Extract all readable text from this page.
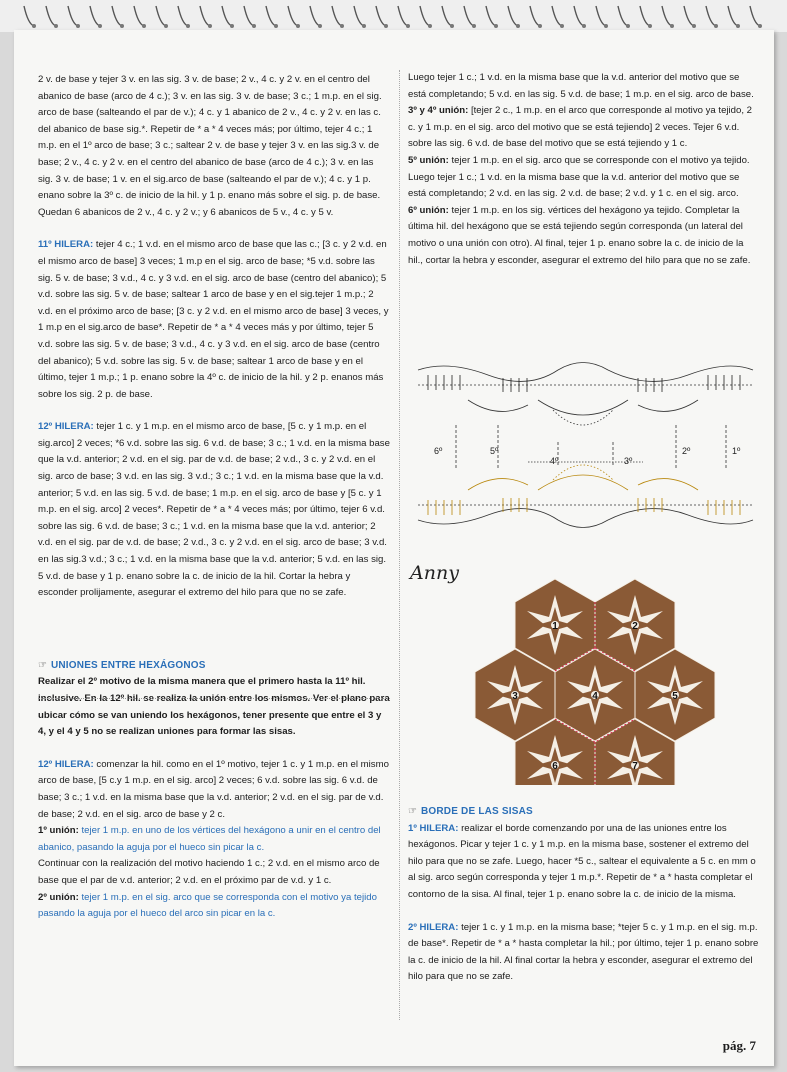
2 v. de base y tejer 3 v. en las sig. 3 v. de base; 2 v., 4 c. y 2 v. en el centro del abanico de base (arco de 4 c.); 3 v. en las sig. 3 v. de base; 3 c.; 1 m.p. en el sig. arco de base (salteando el par de v.); 4 c. y 1 abanico de 2 v., 4 c. y 2 v. en las c. del abanico de base sig.*. Repetir de * a * 4 veces más; por último, tejer 4 c.; 1 m.p. en el 1º arco de base; 3 c.; saltear 2 v. de base y tejer 3 v. en las sig.3 v. de base; 2 v., 4 c. y 2 v. en el centro del abanico de base (arco de 4 c.); 3 v. en las sig. 3 v. de base; 1 v. en el sig.arco de base (salteando el par de v.); 4 c. y 1 p. enano sobre la 3º c. de inicio de la hil. y 1 p. enano más sobre el sig. p. de base. Quedan 6 abanicos de 2 v., 4 c. y 2 v.; y 6 abanicos de 5 v., 4 c. y 5 v.

11º HILERA: tejer 4 c.; 1 v.d. en el mismo arco de base que las c.; [3 c. y 2 v.d. en el mismo arco de base] 3 veces; 1 m.p en el sig. arco de base; *5 v.d. sobre las sig. 5 v. de base; 3 v.d., 4 c. y 3 v.d. en el sig. arco de base (centro del abanico); 5 v.d. sobre las sig. 5 v. de base; saltear 1 arco de base y en el sig.tejer 1 m.p.; 2 v.d. en el próximo arco de base; [3 c. y 2 v.d. en el mismo arco de base] 3 veces, y 1 m.p en el sig.arco de base*. Repetir de * a * 4 veces más y por último, tejer 5 v.d. sobre las sig. 5 v. de base; 3 v.d., 4 c. y 3 v.d. en el sig. arco de base (centro del abanico); 5 v.d. sobre las sig. 5 v. de base; saltear 1 arco de base y en el último, tejer 1 m.p.; 1 p. enano sobre la 4º c. de inicio de la hil. y 2 p. enanos más sobre los sig. 2 p. de base.

12º HILERA: tejer 1 c. y 1 m.p. en el mismo arco de base, [5 c. y 1 m.p. en el sig.arco] 2 veces; *6 v.d. sobre las sig. 6 v.d. de base; 3 c.; 1 v.d. en la misma base que la v.d. anterior; 2 v.d. en el sig. par de v.d. de base; 2 v.d., 3 c. y 2 v.d. en el sig. arco de base; 3 v.d. en las sig. 3 v.d.; 3 c.; 1 v.d. en la misma base que la v.d. anterior; 5 v.d. en las sig. 5 v.d. de base; 1 m.p. en el sig. arco de base y [5 c. y 1 m.p. en el sig. arco] 2 veces*. Repetir de * a * 4 veces más; por último, tejer 6 v.d. sobre las sig. 6 v.d. de base; 3 c.; 1 v.d. en la misma base que la v.d. anterior; 2 v.d. en el sig. par de v.d. de base; 2 v.d., 3 c. y 2 v.d. en el sig. arco de base; 3 v.d. en las sig.3 v.d.; 3 c.; 1 v.d. en la misma base que la v.d. anterior; 5 v.d. en las sig. 5 v.d. de base y 1 p. enano sobre la c. de inicio de la hil. Cortar la hebra y esconder prolijamente, asegurar el extremo del hilo para que no se zafe.

☞ UNIONES ENTRE HEXÁGONOS

Realizar el 2º motivo de la misma manera que el primero hasta la 11º hil. inclusive. En la 12º hil. se realiza la unión entre los mismos. Ver el plano para ubicar cómo se van uniendo los hexágonos, tener presente que entre el 3 y 4, y el 4 y 5 no se realizan uniones para formar las sisas.

12º HILERA: comenzar la hil. como en el 1º motivo, tejer 1 c. y 1 m.p. en el mismo arco de base, [5 c.y 1 m.p. en el sig. arco] 2 veces; 6 v.d. sobre las sig. 6 v.d. de base; 3 c.; 1 v.d. en la misma base que la v.d. anterior; 2 v.d. en el sig. par de v.d. de base; 2 v.d. en el sig. arco de base y 2 c.

1º unión: tejer 1 m.p. en uno de los vértices del hexágono a unir en el centro del abanico, pasando la aguja por el hueco sin picar la c.

Continuar con la realización del motivo haciendo 1 c.; 2 v.d. en el mismo arco de base que el par de v.d. anterior; 2 v.d. en el próximo par de v.d. y 1 c.

2º unión: tejer 1 m.p. en el sig. arco que se corresponda con el motivo ya tejido pasando la aguja por el hueco del arco sin picar en la c.

Luego tejer 1 c.; 1 v.d. en la misma base que la v.d. anterior del motivo que se está completando; 5 v.d. en las sig. 5 v.d. de base; 1 m.p. en el sig. arco de base.

3º y 4º unión: [tejer 2 c., 1 m.p. en el arco que corresponde al motivo ya tejido, 2 c. y 1 m.p. en el sig. arco del motivo que se está tejiendo] 2 veces. Tejer 6 v.d. sobre las sig. 6 v.d. de base del motivo que se está tejiendo y 1 c.

5º unión: tejer 1 m.p. en el sig. arco que se corresponde con el motivo ya tejido. Luego tejer 1 c.; 1 v.d. en la misma base que la v.d. anterior del motivo que se está completando; 2 v.d. en las sig. 2 v.d. de base; 2 v.d. y 1 c. en el sig. arco.

6º unión: tejer 1 m.p. en los sig. vértices del hexágono ya tejido. Completar la última hil. del hexágono que se está tejiendo según corresponda (un lateral del motivo o una unión con otro). Al final, tejer 1 p. enano sobre la c. de inicio de la hil., cortar la hebra y esconder, asegurar el extremo del hilo para que no se zafe.

6º	5º
4º	3º
2º	1º
Anny
1	2
3	4	5
6	7

☞ BORDE DE LAS SISAS

1º HILERA: realizar el borde comenzando por una de las uniones entre los hexágonos. Picar y tejer 1 c. y 1 m.p. en la misma base, sostener el extremo del hilo para que no se zafe. Luego, hacer *5 c., saltear el equivalente a 5 c. en mm o al sig. arco según corresponda y tejer 1 m.p.*. Repetir de * a * hasta completar el contorno de la sisa. Al final, tejer 1 p. enano sobre la c. de inicio de la misma.

2º HILERA: tejer 1 c. y 1 m.p. en la misma base; *tejer 5 c. y 1 m.p. en el sig. m.p. de base*. Repetir de * a * hasta completar la hil.; por último, tejer 1 p. enano sobre la c. de inicio de la hil. Al final cortar la hebra y esconder, asegurar el extremo del hilo para que no se zafe.

pág. 7
